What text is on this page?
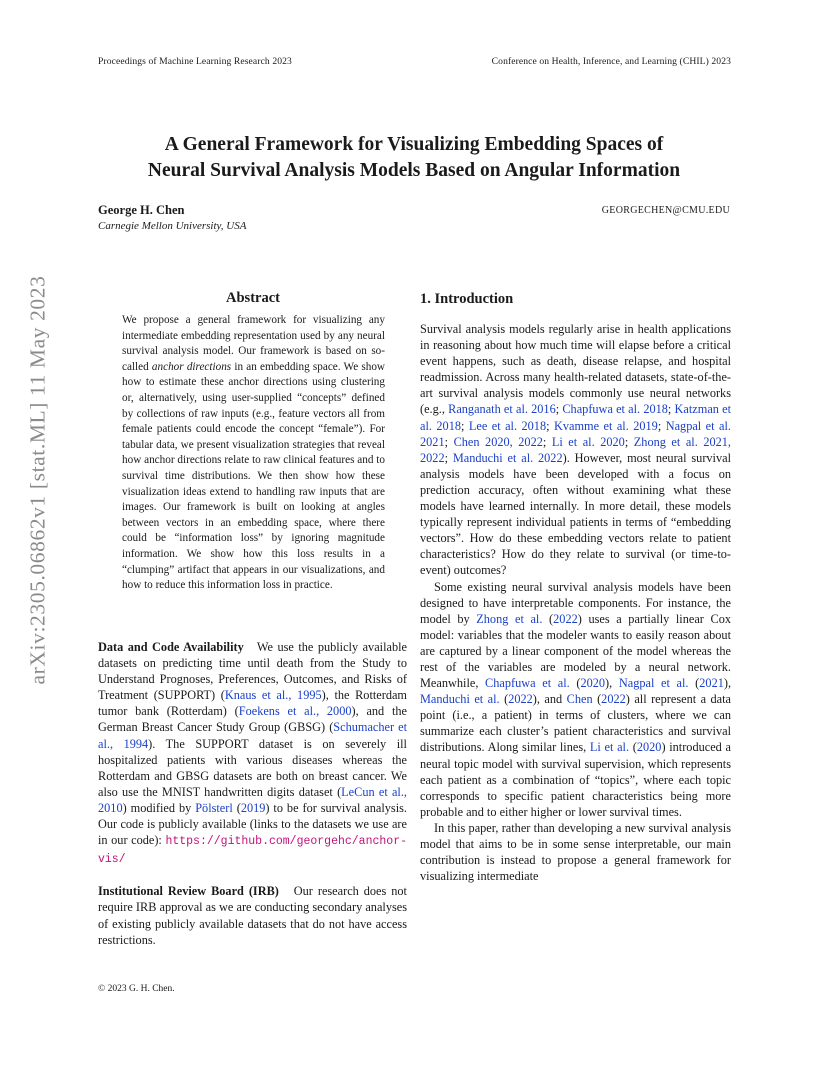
Proceedings of Machine Learning Research 2023	Conference on Health, Inference, and Learning (CHIL) 2023
arXiv:2305.06862v1 [stat.ML] 11 May 2023
A General Framework for Visualizing Embedding Spaces of
Neural Survival Analysis Models Based on Angular Information
George H. Chen
Carnegie Mellon University, USA
GEORGECHEN@CMU.EDU
Abstract
We propose a general framework for visualizing any intermediate embedding representation used by any neural survival analysis model. Our framework is based on so-called anchor directions in an embedding space. We show how to estimate these anchor directions using clustering or, alternatively, using user-supplied “concepts” defined by collections of raw inputs (e.g., feature vectors all from female patients could encode the concept “female”). For tabular data, we present visualization strategies that reveal how anchor directions relate to raw clinical features and to survival time distributions. We then show how these visualization ideas extend to handling raw inputs that are images. Our framework is built on looking at angles between vectors in an embedding space, where there could be “information loss” by ignoring magnitude information. We show how this loss results in a “clumping” artifact that appears in our visualizations, and how to reduce this information loss in practice.

Data and Code Availability We use the publicly available datasets on predicting time until death from the Study to Understand Prognoses, Preferences, Outcomes, and Risks of Treatment (SUPPORT) (Knaus et al., 1995), the Rotterdam tumor bank (Rotterdam) (Foekens et al., 2000), and the German Breast Cancer Study Group (GBSG) (Schumacher et al., 1994). The SUPPORT dataset is on severely ill hospitalized patients with various diseases whereas the Rotterdam and GBSG datasets are both on breast cancer. We also use the MNIST handwritten digits dataset (LeCun et al., 2010) modified by Pölsterl (2019) to be for survival analysis. Our code is publicly available (links to the datasets we use are in our code): https://github.com/georgehc/anchor-vis/

Institutional Review Board (IRB) Our research does not require IRB approval as we are conducting secondary analyses of existing publicly available datasets that do not have access restrictions.

1. Introduction

Survival analysis models regularly arise in health applications in reasoning about how much time will elapse before a critical event happens, such as death, disease relapse, and hospital readmission. Across many health-related datasets, state-of-the-art survival analysis models commonly use neural networks (e.g., Ranganath et al. 2016; Chapfuwa et al. 2018; Katzman et al. 2018; Lee et al. 2018; Kvamme et al. 2019; Nagpal et al. 2021; Chen 2020, 2022; Li et al. 2020; Zhong et al. 2021, 2022; Manduchi et al. 2022). However, most neural survival analysis models have been developed with a focus on prediction accuracy, often without examining what these models have learned internally. In more detail, these models typically represent individual patients in terms of “embedding vectors”. How do these embedding vectors relate to patient characteristics? How do they relate to survival (or time-to-event) outcomes?

Some existing neural survival analysis models have been designed to have interpretable components. For instance, the model by Zhong et al. (2022) uses a partially linear Cox model: variables that the modeler wants to easily reason about are captured by a linear component of the model whereas the rest of the variables are modeled by a neural network. Meanwhile, Chapfuwa et al. (2020), Nagpal et al. (2021), Manduchi et al. (2022), and Chen (2022) all represent a data point (i.e., a patient) in terms of clusters, where we can summarize each cluster’s patient characteristics and survival distributions. Along similar lines, Li et al. (2020) introduced a neural topic model with survival supervision, which represents each patient as a combination of “topics”, where each topic corresponds to specific patient characteristics being more probable and to either higher or lower survival times.

In this paper, rather than developing a new survival analysis model that aims to be in some sense interpretable, our main contribution is instead to propose a general framework for visualizing intermediate

© 2023 G. H. Chen.
